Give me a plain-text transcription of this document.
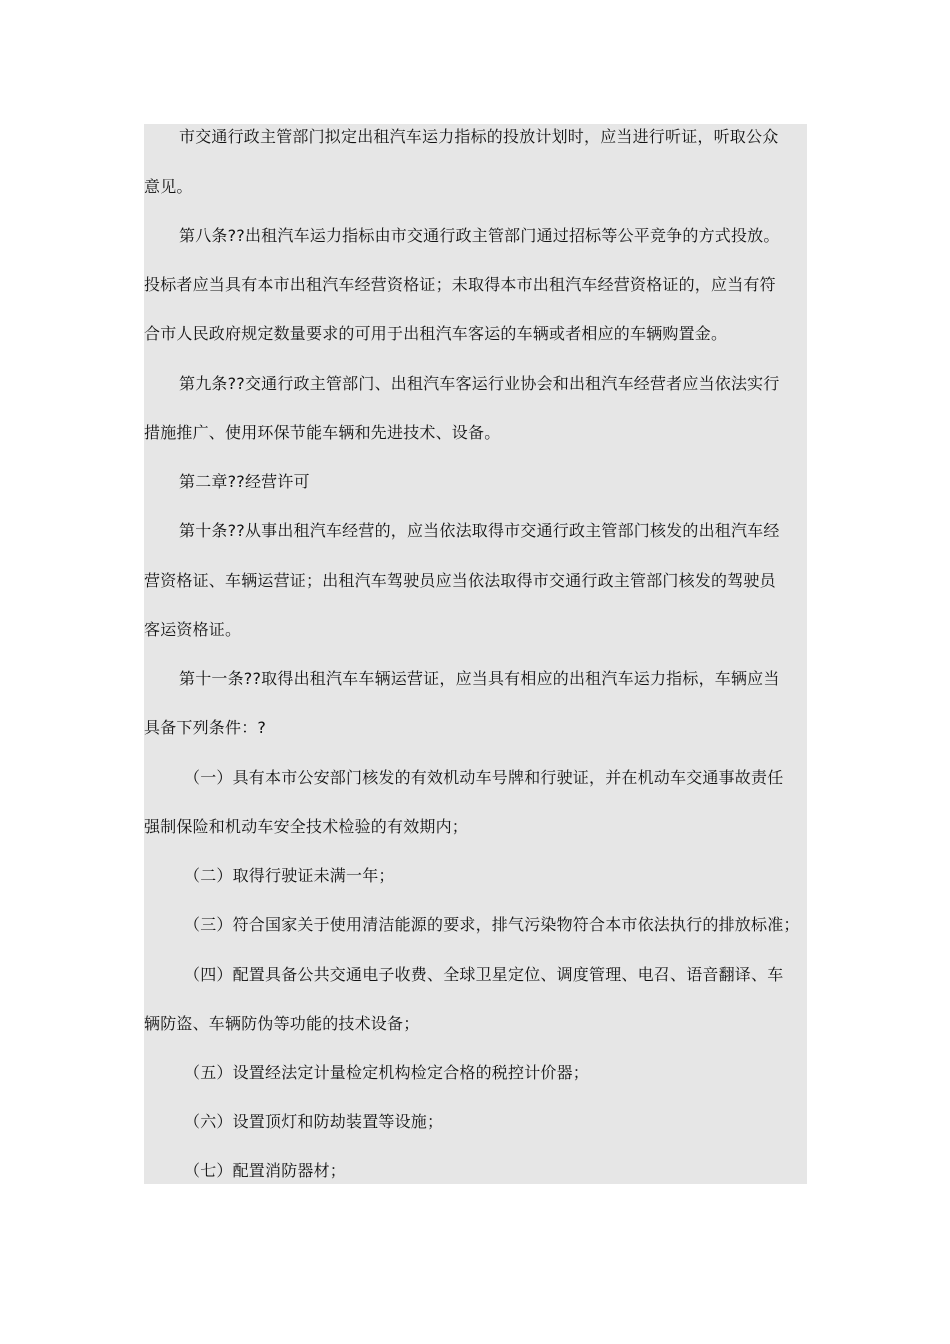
市交通行政主管部门拟定出租汽车运力指标的投放计划时，应当进行听证，听取公众
意见。
第八条??出租汽车运力指标由市交通行政主管部门通过招标等公平竞争的方式投放。
投标者应当具有本市出租汽车经营资格证；未取得本市出租汽车经营资格证的，应当有符
合市人民政府规定数量要求的可用于出租汽车客运的车辆或者相应的车辆购置金。
第九条??交通行政主管部门、出租汽车客运行业协会和出租汽车经营者应当依法实行
措施推广、使用环保节能车辆和先进技术、设备。
第二章??经营许可
第十条??从事出租汽车经营的，应当依法取得市交通行政主管部门核发的出租汽车经
营资格证、车辆运营证；出租汽车驾驶员应当依法取得市交通行政主管部门核发的驾驶员
客运资格证。
第十一条??取得出租汽车车辆运营证，应当具有相应的出租汽车运力指标，车辆应当
具备下列条件：?
（一）具有本市公安部门核发的有效机动车号牌和行驶证，并在机动车交通事故责任
强制保险和机动车安全技术检验的有效期内；
（二）取得行驶证未满一年；
（三）符合国家关于使用清洁能源的要求，排气污染物符合本市依法执行的排放标准；
（四）配置具备公共交通电子收费、全球卫星定位、调度管理、电召、语音翻译、车
辆防盗、车辆防伪等功能的技术设备；
（五）设置经法定计量检定机构检定合格的税控计价器；
（六）设置顶灯和防劫装置等设施；
（七）配置消防器材；
